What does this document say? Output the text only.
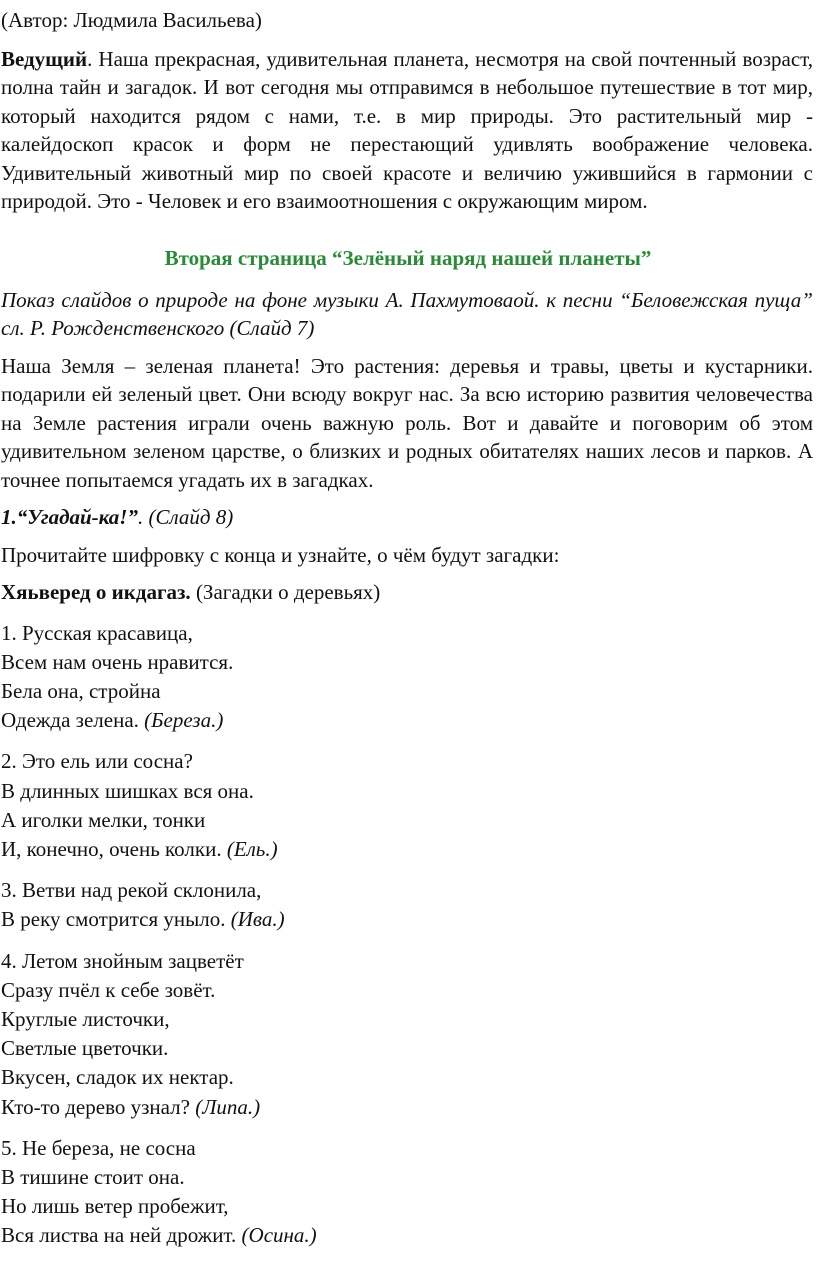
(Автор: Людмила Васильева)

Ведущий. Наша прекрасная, удивительная планета, несмотря на свой почтенный возраст, полна тайн и загадок. И вот сегодня мы отправимся в небольшое путешествие в тот мир, который находится рядом с нами, т.е. в мир природы. Это растительный мир - калейдоскоп красок и форм не перестающий удивлять воображение человека. Удивительный животный мир по своей красоте и величию ужившийся в гармонии с природой. Это - Человек и его взаимоотношения с окружающим миром.

Вторая страница “Зелёный наряд нашей планеты”

Показ слайдов о природе на фоне музыки А. Пахмутоваой. к песни “Беловежская пуща” сл. Р. Рожденственского (Слайд 7)

Наша Земля – зеленая планета! Это растения: деревья и травы, цветы и кустарники. подарили ей зеленый цвет. Они всюду вокруг нас. За всю историю развития человечества на Земле растения играли очень важную роль. Вот и давайте и поговорим об этом удивительном зеленом царстве, о близких и родных обитателях наших лесов и парков. А точнее попытаемся угадать их в загадках.

1.“Угадай-ка!”. (Слайд 8)

Прочитайте шифровку с конца и узнайте, о чём будут загадки:

Хяьверед о икдагаз. (Загадки о деревьях)

1. Русская красавица,
Всем нам очень нравится.
Бела она, стройна
Одежда зелена. (Береза.)
2. Это ель или сосна?
В длинных шишках вся она.
А иголки мелки, тонки
И, конечно, очень колки. (Ель.)
3. Ветви над рекой склонила,
В реку смотрится уныло. (Ива.)
4. Летом знойным зацветёт
Сразу пчёл к себе зовёт.
Круглые листочки,
Светлые цветочки.
Вкусен, сладок их нектар.
Кто-то дерево узнал? (Липа.)
5. Не береза, не сосна
В тишине стоит она.
Но лишь ветер пробежит,
Вся листва на ней дрожит. (Осина.)
